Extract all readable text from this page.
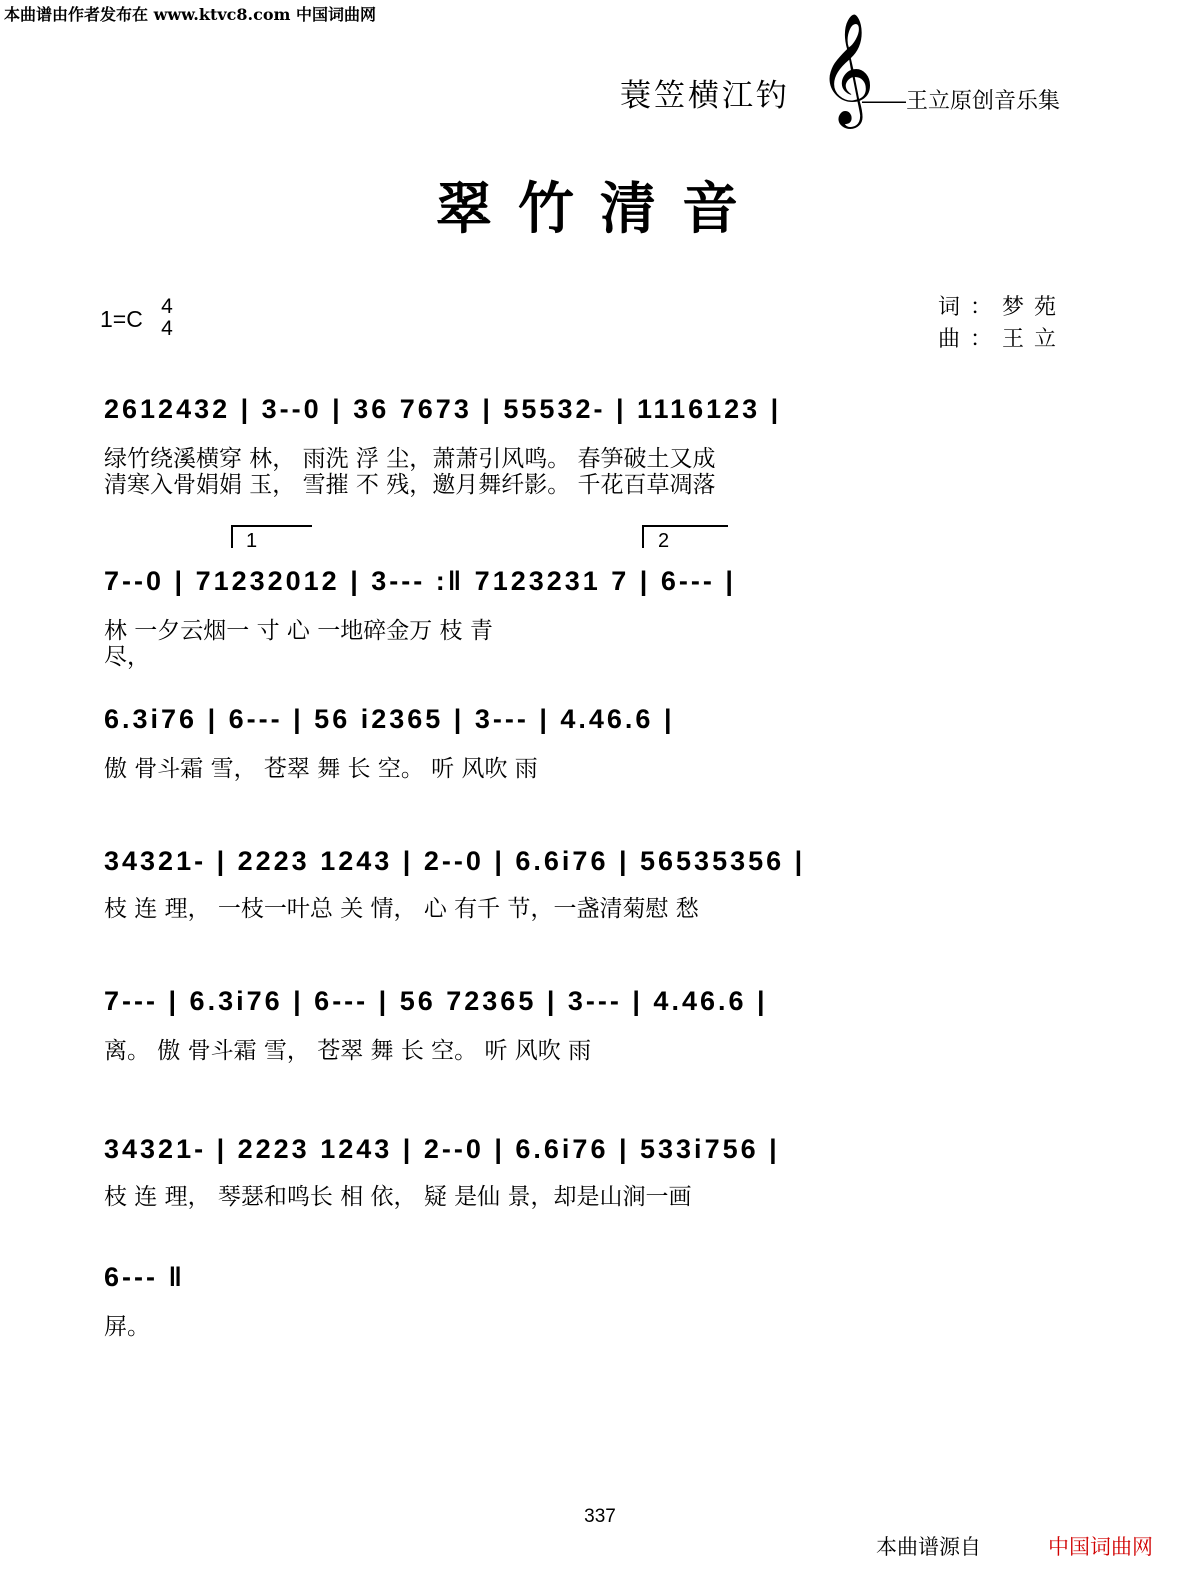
本曲谱由作者发布在 www.ktvc8.com 中国词曲网
蓑笠横江钓 𝄞
——王立原创音乐集
翠竹清音
1=C 4
4
词：梦苑
曲：王立
2612432 | 3--0 | 36 7673 | 55532- | 1116123 |
绿竹绕溪横穿 林， 雨洗 浮 尘，萧萧引风鸣。 春笋破土又成
清寒入骨娟娟 玉， 雪摧 不 残，邀月舞纤影。 千花百草凋落
1	2
7--0 | 71232012 | 3--- :‖ 7123231 7 | 6--- |
林 一夕云烟一 寸 心 一地碎金万 枝 青
尽，
6.3i76 | 6--- | 56 i2365 | 3--- | 4.46.6 |
傲 骨斗霜 雪， 苍翠 舞 长 空。 听 风吹 雨
34321- | 2223 1243 | 2--0 | 6.6i76 | 56535356 |
枝 连 理， 一枝一叶总 关 情， 心 有千 节，一盏清菊慰 愁
7--- | 6.3i76 | 6--- | 56 72365 | 3--- | 4.46.6 |
离。 傲 骨斗霜 雪， 苍翠 舞 长 空。 听 风吹 雨
34321- | 2223 1243 | 2--0 | 6.6i76 | 533i756 |
枝 连 理， 琴瑟和鸣长 相 依， 疑 是仙 景，却是山涧一画
6--- ‖
屏。
337
本曲谱源自	中国词曲网
